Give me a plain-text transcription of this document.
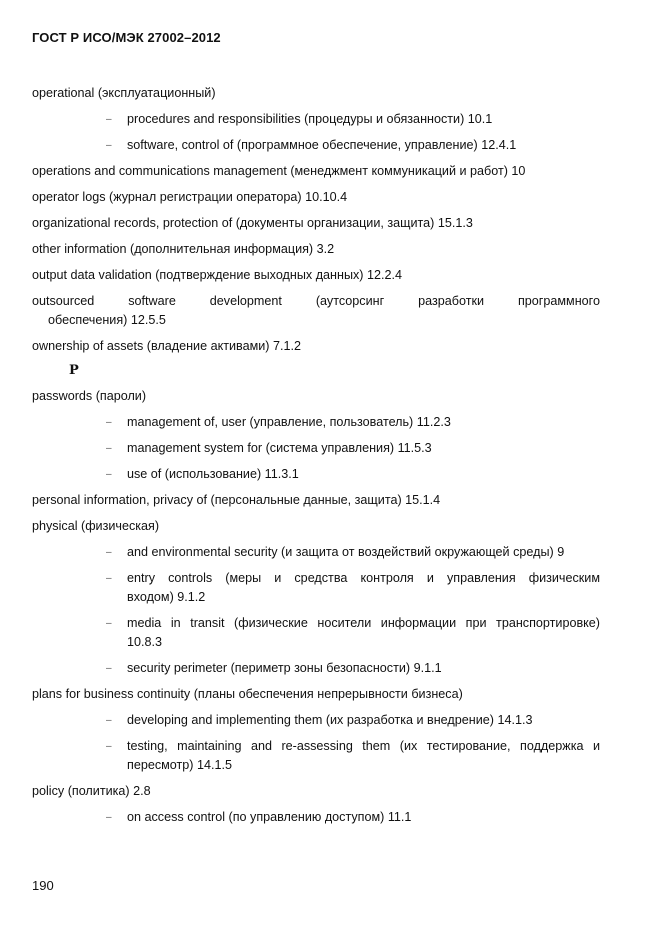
ГОСТ Р ИСО/МЭК 27002–2012
operational (эксплуатационный)
– procedures and responsibilities (процедуры и обязанности) 10.1
– software, control of (программное обеспечение, управление) 12.4.1
operations and communications management (менеджмент коммуникаций и работ) 10
operator logs (журнал регистрации оператора) 10.10.4
organizational records, protection of (документы организации, защита) 15.1.3
other information (дополнительная информация) 3.2
output data validation (подтверждение выходных данных) 12.2.4
outsourced software development (аутсорсинг разработки программного
обеспечения) 12.5.5
ownership of assets (владение активами) 7.1.2
P
passwords (пароли)
– management of, user (управление, пользователь) 11.2.3
– management system for (система управления) 11.5.3
– use of (использование) 11.3.1
personal information, privacy of (персональные данные, защита) 15.1.4
physical (физическая)
– and environmental security (и защита от воздействий окружающей среды) 9
– entry controls (меры и средства контроля и управления физическим
входом) 9.1.2
– media in transit (физические носители информации при транспортировке)
10.8.3
– security perimeter (периметр зоны безопасности) 9.1.1
plans for business continuity (планы обеспечения непрерывности бизнеса)
– developing and implementing them (их разработка и внедрение) 14.1.3
– testing, maintaining and re-assessing them (их тестирование, поддержка и
пересмотр) 14.1.5
policy (политика) 2.8
– on access control (по управлению доступом) 11.1
190
